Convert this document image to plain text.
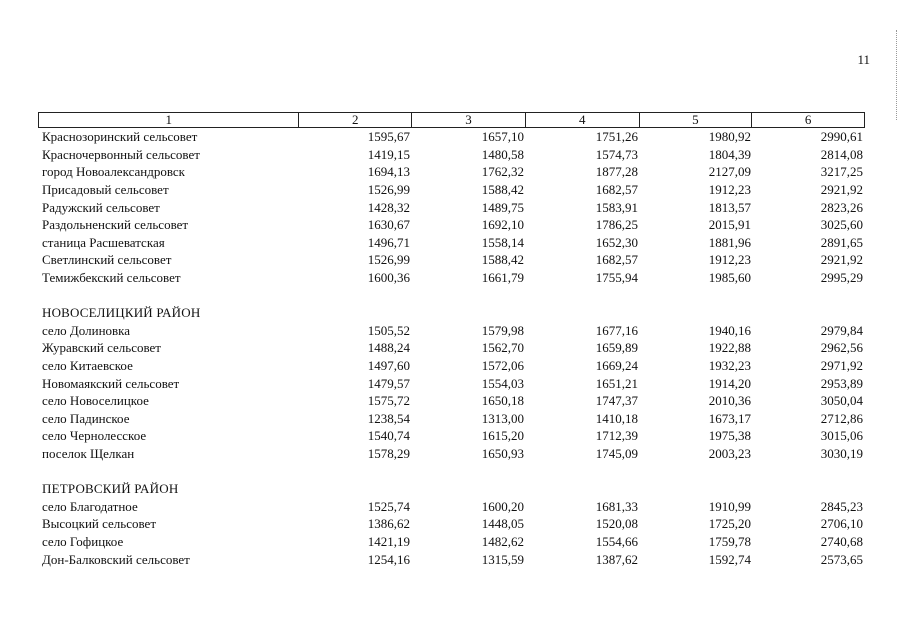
11
1	2	3	4	5	6
Краснозоринский сельсовет	1595,67	1657,10	1751,26	1980,92	2990,61
Красночервонный сельсовет	1419,15	1480,58	1574,73	1804,39	2814,08
город Новоалександровск	1694,13	1762,32	1877,28	2127,09	3217,25
Присадовый сельсовет	1526,99	1588,42	1682,57	1912,23	2921,92
Радужский сельсовет	1428,32	1489,75	1583,91	1813,57	2823,26
Раздольненский сельсовет	1630,67	1692,10	1786,25	2015,91	3025,60
станица Расшеватская	1496,71	1558,14	1652,30	1881,96	2891,65
Светлинский сельсовет	1526,99	1588,42	1682,57	1912,23	2921,92
Темижбекский сельсовет	1600,36	1661,79	1755,94	1985,60	2995,29
НОВОСЕЛИЦКИЙ РАЙОН
село Долиновка	1505,52	1579,98	1677,16	1940,16	2979,84
Журавский сельсовет	1488,24	1562,70	1659,89	1922,88	2962,56
село Китаевское	1497,60	1572,06	1669,24	1932,23	2971,92
Новомаякский сельсовет	1479,57	1554,03	1651,21	1914,20	2953,89
село Новоселицкое	1575,72	1650,18	1747,37	2010,36	3050,04
село Падинское	1238,54	1313,00	1410,18	1673,17	2712,86
село Чернолесское	1540,74	1615,20	1712,39	1975,38	3015,06
поселок Щелкан	1578,29	1650,93	1745,09	2003,23	3030,19
ПЕТРОВСКИЙ РАЙОН
село Благодатное	1525,74	1600,20	1681,33	1910,99	2845,23
Высоцкий сельсовет	1386,62	1448,05	1520,08	1725,20	2706,10
село Гофицкое	1421,19	1482,62	1554,66	1759,78	2740,68
Дон-Балковский сельсовет	1254,16	1315,59	1387,62	1592,74	2573,65
